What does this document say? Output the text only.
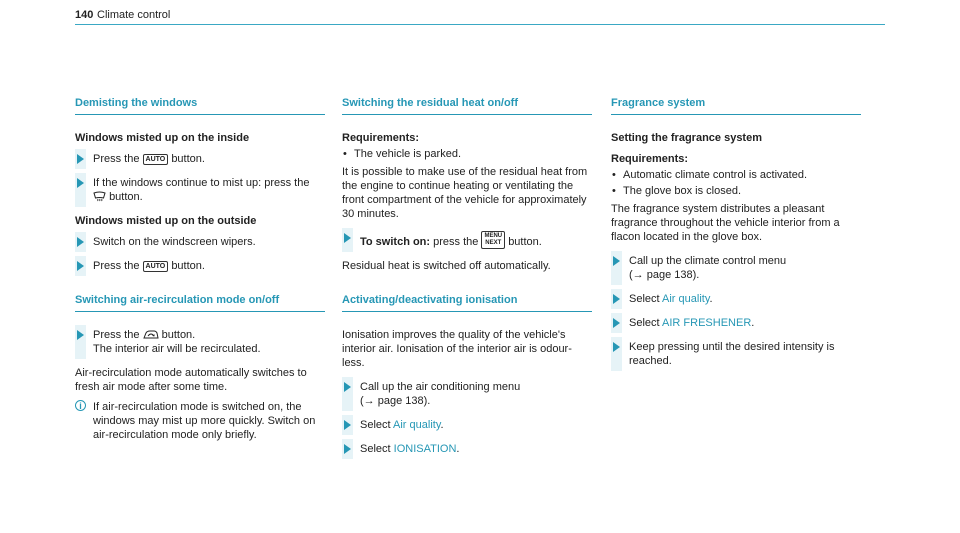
140 Climate control
Demisting the windows
Windows misted up on the inside
Press the AUTO button.
If the windows continue to mist up: press the
button.
Windows misted up on the outside
Switch on the windscreen wipers.
Press the AUTO button.
Switching air-recirculation mode on/off
Press the button.
The interior air will be recirculated.

Air-recirculation mode automatically switches to fresh air mode after some time.

i	If air-recirculation mode is switched on, the windows may mist up more quickly. Switch on air-recirculation mode only briefly.
Switching the residual heat on/off
Requirements:
• The vehicle is parked.

It is possible to make use of the residual heat from the engine to continue heating or ventilating the front compartment of the vehicle for approximately 30 minutes.

To switch on: press the MENU
NEXT button.

Residual heat is switched off automatically.

Activating/deactivating ionisation

Ionisation improves the quality of the vehicle's interior air. Ionisation of the interior air is odour-less.

Call up the air conditioning menu
(→ page 138).
Select Air quality.
Select IONISATION.
Fragrance system
Setting the fragrance system
Requirements:
• Automatic climate control is activated.
• The glove box is closed.

The fragrance system distributes a pleasant fragrance throughout the vehicle interior from a flacon located in the glove box.

Call up the climate control menu
(→ page 138).
Select Air quality.
Select AIR FRESHENER.
Keep pressing until the desired intensity is reached.
